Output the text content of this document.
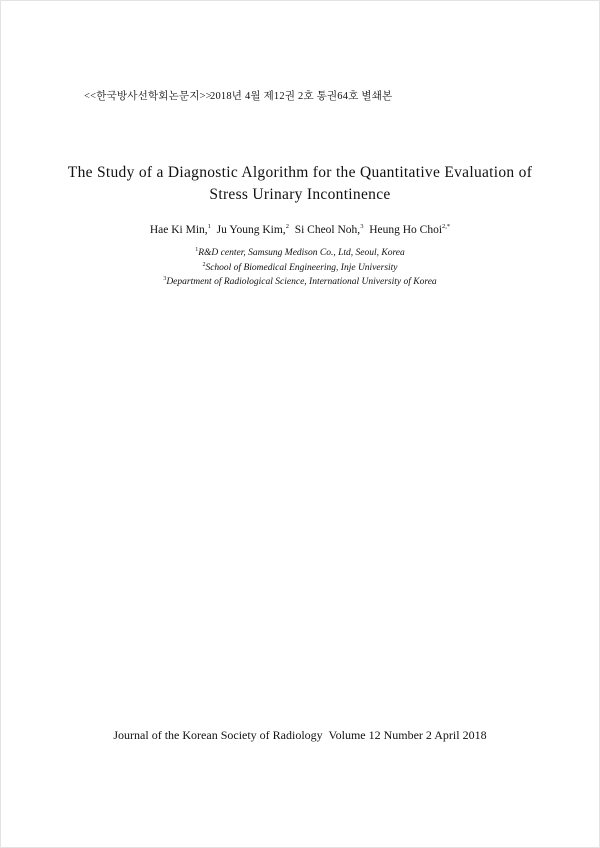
<<한국방사선학회논문지>>

2018년 4월 제12권 2호 통권64호 별쇄본

The Study of a Diagnostic Algorithm for the Quantitative Evaluation of
Stress Urinary Incontinence
Hae Ki Min,$^1$ Ju Young Kim,$^2$ Si Cheol Noh,$^3$ Heung Ho Choi$^{2,*}$
$^1$R&D center, Samsung Medison Co., Ltd, Seoul, Korea
$^2$School of Biomedical Engineering, Inje University
$^3$Department of Radiological Science, International University of Korea
Journal of the Korean Society of Radiology Volume 12 Number 2 April 2018
